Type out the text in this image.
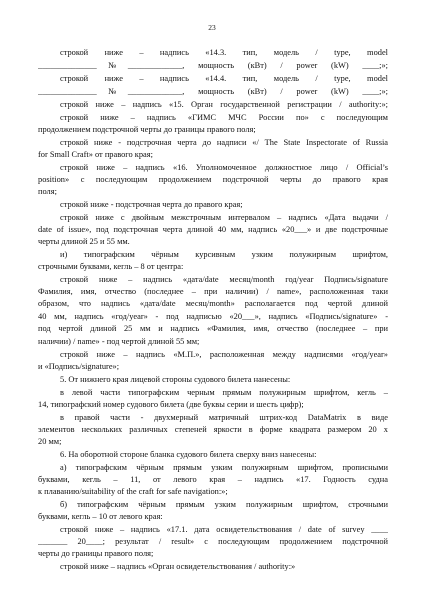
23
строкой ниже – надпись «14.3. тип, модель / type, model
______________№_____________, мощность (кВт) / power (kW) ____;»;
строкой ниже – надпись «14.4. тип, модель / type, model
______________№_____________, мощность (кВт) / power (kW) ____;»;
строкой ниже – надпись «15. Орган государственной регистрации / authority:»;
строкой ниже – надпись «ГИМС МЧС России по» с последующим
продолжением подстрочной черты до границы правого поля;
строкой ниже - подстрочная черта до надписи «/ The State Inspectorate of Russia
for Small Craft» от правого края;
строкой ниже – надпись «16. Уполномоченное должностное лицо / Official’s
position» с последующим продолжением подстрочной черты до правого края
поля;
строкой ниже - подстрочная черта до правого края;
строкой ниже с двойным межстрочным интервалом – надпись «Дата выдачи /
date of issue», под подстрочная черта длиной 40 мм, надпись «20___» и две подстрочные
черты длиной 25 и 55 мм.
и) типографским чёрным курсивным узким полужирным шрифтом,
строчными буквами, кегль – 8 от центра:
строкой ниже – надпись «дата/date месяц/month год/year Подпись/signature
Фамилия, имя, отчество (последнее – при наличии) / name», расположенная таки
образом, что надпись «дата/date месяц/month» располагается под чертой длиной
40 мм, надпись «год/year» - под надписью «20___», надпись «Подпись/signature» -
под чертой длиной 25 мм и надпись «Фамилия, имя, отчество (последнее – при
наличии) / name» - под чертой длиной 55 мм;
строкой ниже – надпись «М.П.», расположенная между надписями «год/year»
и «Подпись/signature»;
5. От нижнего края лицевой стороны судового билета нанесены:
в левой части типографским черным прямым полужирным шрифтом, кегль –
14, типографский номер судового билета (две буквы серии и шесть цифр);
в правой части - двухмерный матричный штрих-код DataMatrix в виде
элементов нескольких различных степеней яркости в форме квадрата размером 20 х
20 мм;
6. На оборотной стороне бланка судового билета сверху вниз нанесены:
а) типографским чёрным прямым узким полужирным шрифтом, прописными
буквами, кегль – 11, от левого края – надпись «17. Годность судна
к плаванию/suitability of the craft for safe navigation:»;
б) типографским чёрным прямым узким полужирным шрифтом, строчными
буквами, кегль – 10 от левого края:
строкой ниже – надпись «17.1. дата освидетельствования / date of survey ____
_______ 20____; результат / result» с последующим продолжением подстрочной
черты до границы правого поля;
строкой ниже – надпись «Орган освидетельствования / authority:»
